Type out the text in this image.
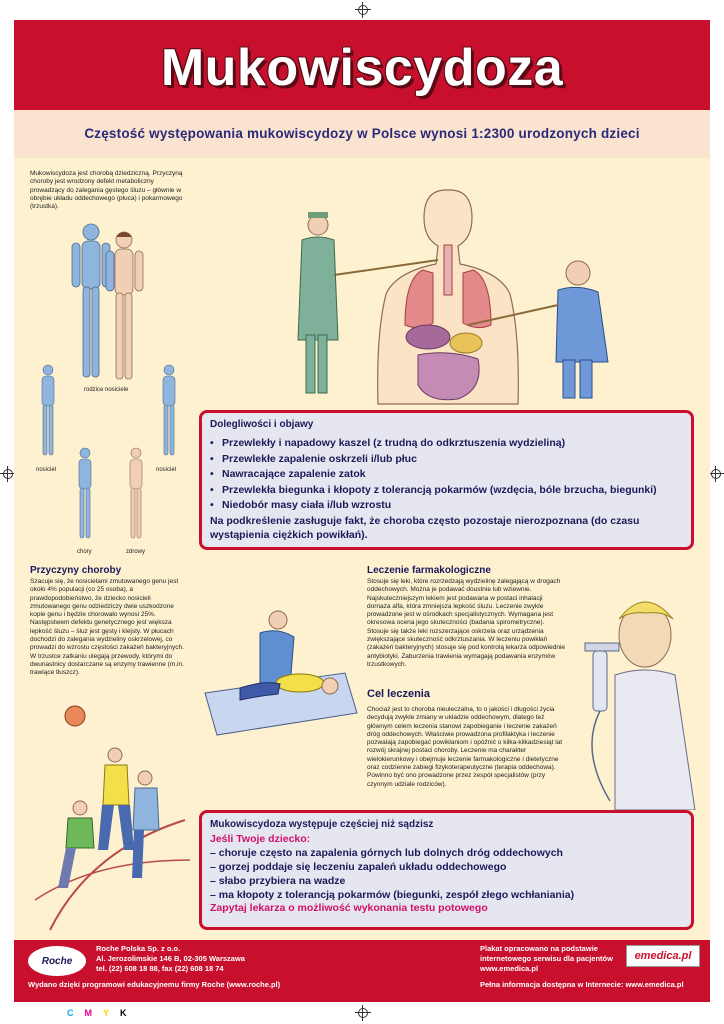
Mukowiscydoza
Częstość występowania mukowiscydozy w Polsce wynosi 1:2300 urodzonych dzieci
Mukowiscydoza jest chorobą dziedziczną. Przyczyną choroby jest wrodzony defekt metaboliczny prowadzący do zalegania gęstego śluzu – głównie w obrębie układu oddechowego (płuca) i pokarmowego (trzustka).
rodzice nosiciele
nosiciel	nosiciel
chory	zdrowy
Dolegliwości i objawy
• Przewlekły i napadowy kaszel (z trudną do odkrztuszenia wydzieliną)
• Przewlekłe zapalenie oskrzeli i/lub płuc
• Nawracające zapalenie zatok
• Przewlekła biegunka i kłopoty z tolerancją pokarmów (wzdęcia, bóle brzucha, biegunki)
• Niedobór masy ciała i/lub wzrostu

Na podkreślenie zasługuje fakt, że choroba często pozostaje nierozpoznana (do czasu wystąpienia ciężkich powikłań).

Przyczyny choroby
Szacuje się, że nosicielami zmutowanego genu jest około 4% populacji (co 25 osoba), a prawdopodobieństwo, że dziecko nosicieli zmutowanego genu odziedziczy dwie uszkodzone kopie genu i będzie chorowało wynosi 25%. Następstwem defektu genetycznego jest większa lepkość śluzu – śluz jest gęsty i klejsty. W płucach dochodzi do zalegania wydzieliny oskrzelowej, co prowadzi do wzrostu częstości zakażeń bakteryjnych. W trzustce zatkaniu ulegają przewody, którymi do dwunastnicy dostarczane są enzymy trawienne (m.in. trawiące tłuszcz).
Leczenie farmakologiczne
Stosuje się leki, które rozrzedzają wydzielinę zalegającą w drogach oddechowych. Można je podawać doustnie lub wziewnie. Najskuteczniejszym lekiem jest podawana w postaci inhalacji dornaza alfa, która zmniejsza lepkość śluzu. Leczenie zwykle prowadzone jest w ośrodkach specjalistycznych. Wymagana jest okresowa ocena jego skuteczności (badania spirometryczne). Stosuje się także leki rozszerzające oskrzela oraz urządzenia zwiększające skuteczność odkrztuszania. W leczeniu powikłań (zakażeń bakteryjnych) stosuje się pod kontrolą lekarza odpowiednie antybiotyki. Zaburzenia trawienia wymagają podawania enzymów trzustkowych.
Cel leczenia
Chociaż jest to choroba nieuleczalna, to o jakości i długości życia decydują zwykle zmiany w układzie oddechowym, dlatego też głównym celem leczenia stanowi zapobieganie i leczenie zakażeń dróg oddechowych. Właściwie prowadzona profilaktyka i leczenie pozwalają zapobiegać powikłaniom i opóźnić o kilka-kilkadziesiąt lat rozwój skrajnej postaci choroby. Leczenie ma charakter wielokierunkowy i obejmuje leczenie farmakologiczne i dietetyczne oraz codzienne zabiegi fizykoterapeutyczne (terapia oddechowa). Powinno być ono prowadzone przez zespół specjalistów (przy czynnym udziale rodziców).
Mukowiscydoza występuje częściej niż sądzisz
Jeśli Twoje dziecko:
– choruje często na zapalenia górnych lub dolnych dróg oddechowych
– gorzej poddaje się leczeniu zapaleń układu oddechowego
– słabo przybiera na wadze
– ma kłopoty z tolerancją pokarmów (biegunki, zespół złego wchłaniania)
Zapytaj lekarza o możliwość wykonania testu potowego
Roche
Roche Polska Sp. z o.o.
Al. Jerozolimskie 146 B, 02-305 Warszawa
tel. (22) 608 18 88, fax (22) 608 18 74
Wydano dzięki programowi edukacyjnemu firmy Roche (www.roche.pl)
Plakat opracowano na podstawie
internetowego serwisu dla pacjentów
www.emedica.pl
emedica.pl
Pełna informacja dostępna w Internecie: www.emedica.pl
CMYK
